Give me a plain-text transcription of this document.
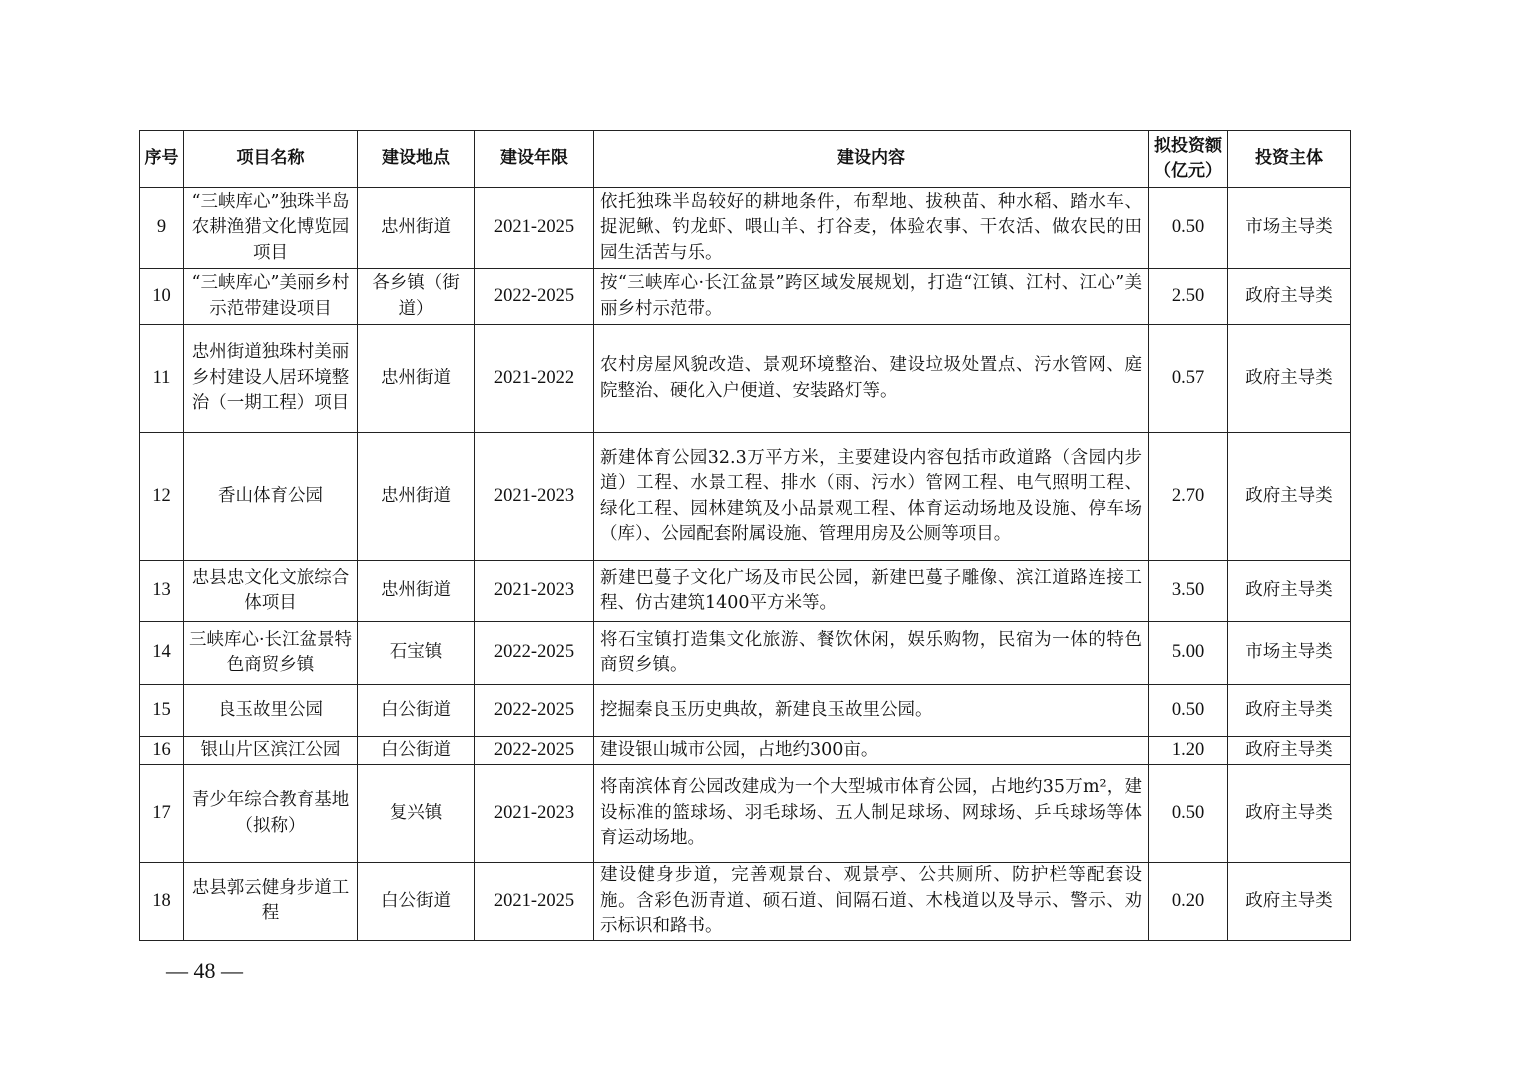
序号	项目名称	建设地点	建设年限	建设内容	拟投资额（亿元）	投资主体
9	“三峡库心”独珠半岛农耕渔猎文化博览园项目	忠州街道	2021-2025	依托独珠半岛较好的耕地条件，布犁地、拔秧苗、种水稻、踏水车、捉泥鳅、钓龙虾、喂山羊、打谷麦，体验农事、干农活、做农民的田园生活苦与乐。	0.50	市场主导类
10	“三峡库心”美丽乡村示范带建设项目	各乡镇（街道）	2022-2025	按“三峡库心·长江盆景”跨区域发展规划，打造“江镇、江村、江心”美丽乡村示范带。	2.50	政府主导类
11	忠州街道独珠村美丽乡村建设人居环境整治（一期工程）项目	忠州街道	2021-2022	农村房屋风貌改造、景观环境整治、建设垃圾处置点、污水管网、庭院整治、硬化入户便道、安装路灯等。	0.57	政府主导类
12	香山体育公园	忠州街道	2021-2023	新建体育公园32.3万平方米，主要建设内容包括市政道路（含园内步道）工程、水景工程、排水（雨、污水）管网工程、电气照明工程、绿化工程、园林建筑及小品景观工程、体育运动场地及设施、停车场（库）、公园配套附属设施、管理用房及公厕等项目。	2.70	政府主导类
13	忠县忠文化文旅综合体项目	忠州街道	2021-2023	新建巴蔓子文化广场及市民公园，新建巴蔓子雕像、滨江道路连接工程、仿古建筑1400平方米等。	3.50	政府主导类
14	三峡库心·长江盆景特色商贸乡镇	石宝镇	2022-2025	将石宝镇打造集文化旅游、餐饮休闲，娱乐购物，民宿为一体的特色商贸乡镇。	5.00	市场主导类
15	良玉故里公园	白公街道	2022-2025	挖掘秦良玉历史典故，新建良玉故里公园。	0.50	政府主导类
16	银山片区滨江公园	白公街道	2022-2025	建设银山城市公园，占地约300亩。	1.20	政府主导类
17	青少年综合教育基地（拟称）	复兴镇	2021-2023	将南滨体育公园改建成为一个大型城市体育公园，占地约35万m²，建设标准的篮球场、羽毛球场、五人制足球场、网球场、乒乓球场等体育运动场地。	0.50	政府主导类
18	忠县郭云健身步道工程	白公街道	2021-2025	建设健身步道，完善观景台、观景亭、公共厕所、防护栏等配套设施。含彩色沥青道、硕石道、间隔石道、木栈道以及导示、警示、劝示标识和路书。	0.20	政府主导类
— 48 —
